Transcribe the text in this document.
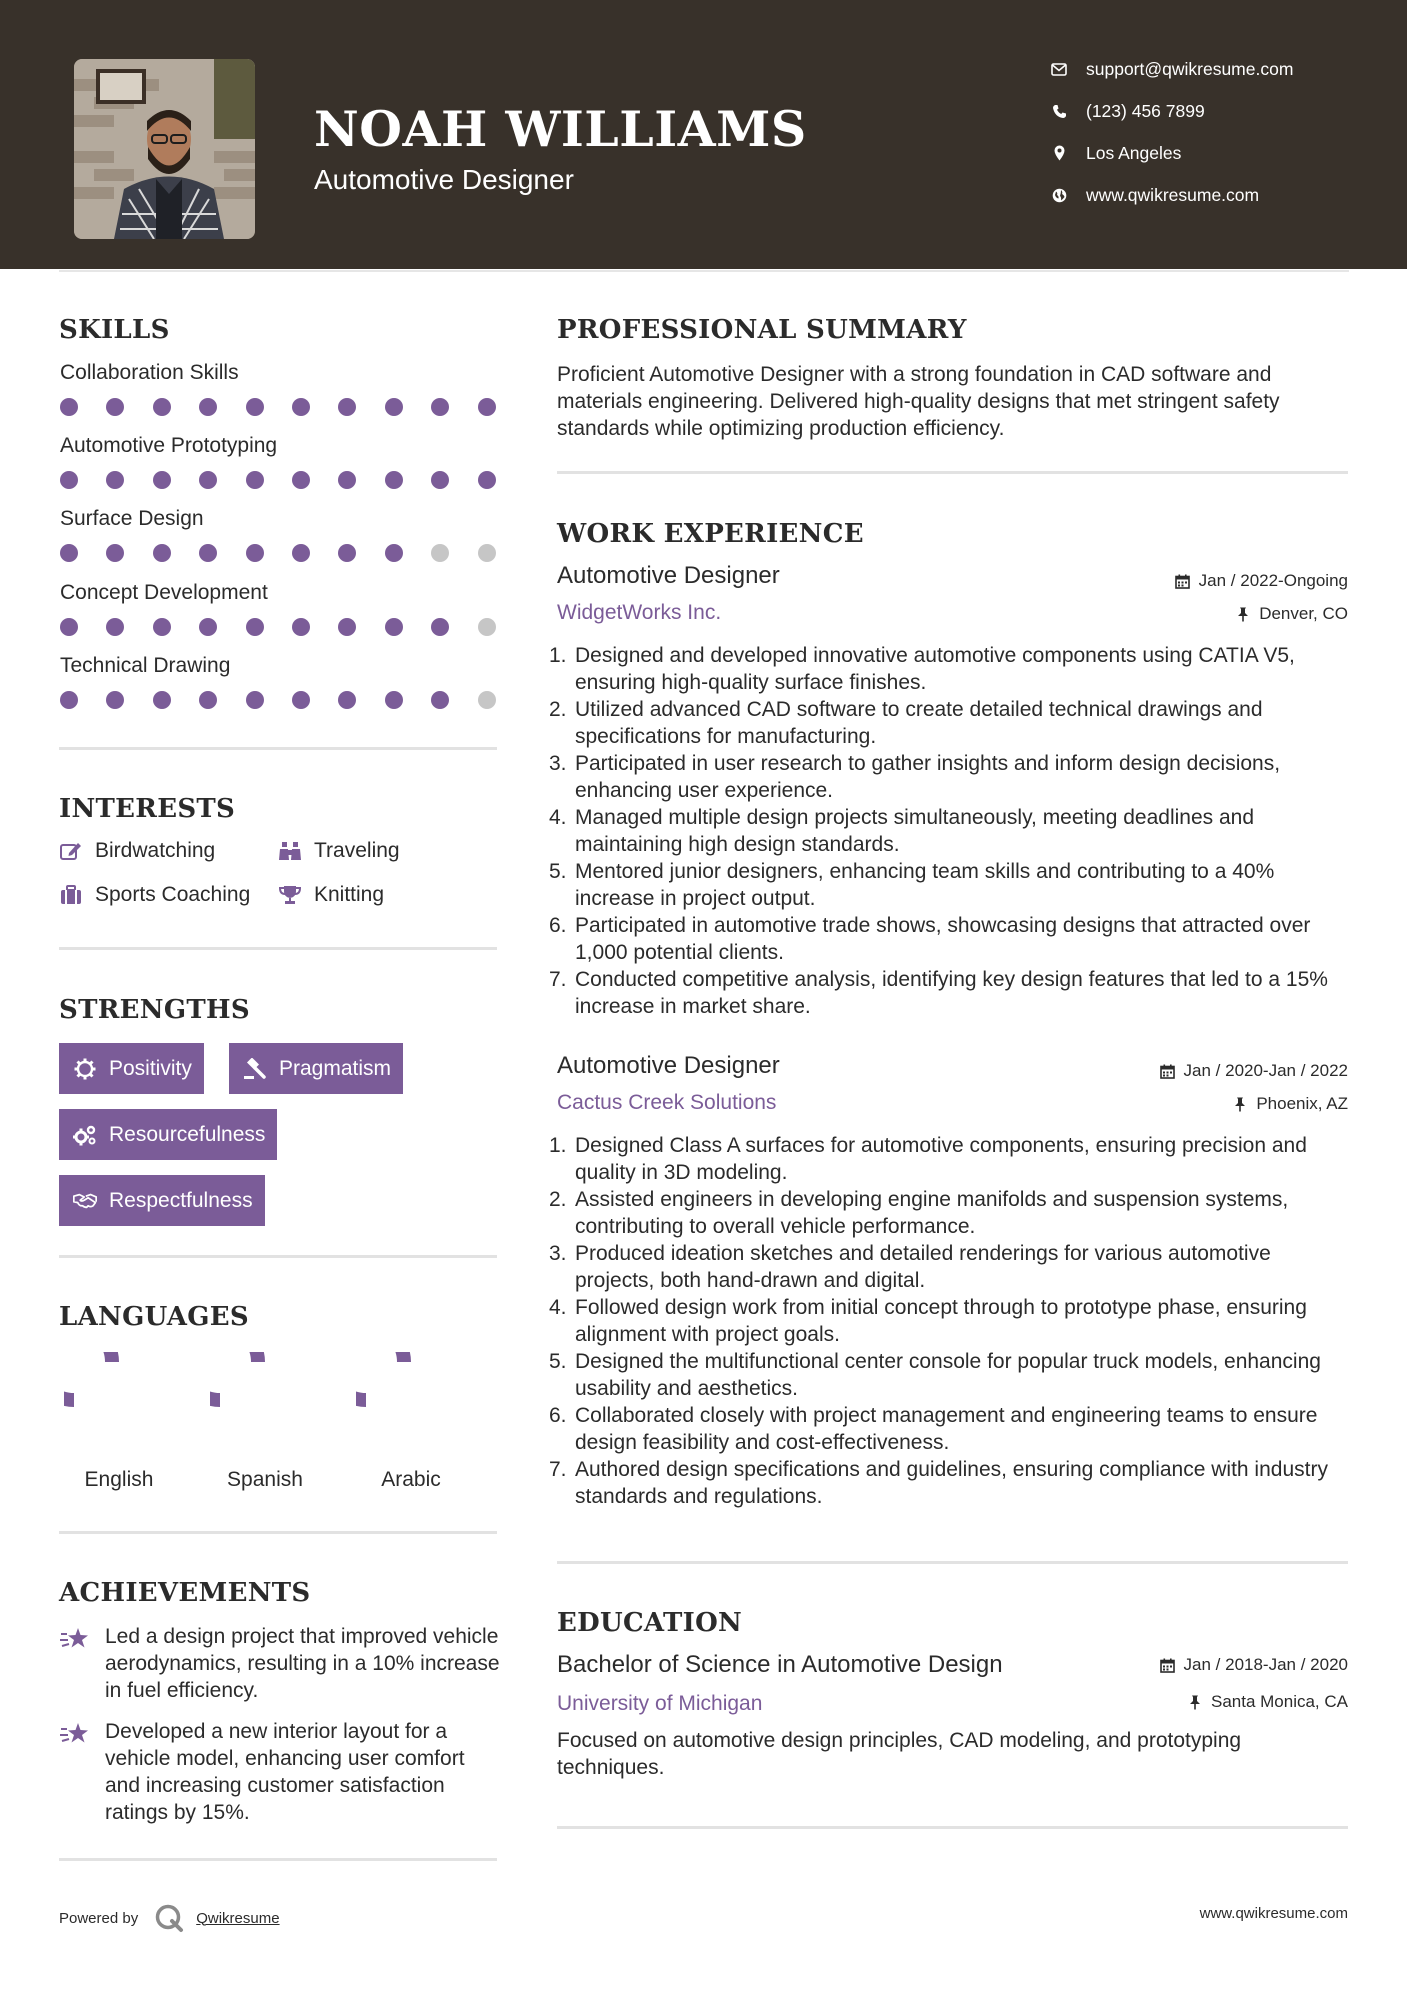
NOAH WILLIAMS
Automotive Designer
support@qwikresume.com
(123) 456 7899
Los Angeles
www.qwikresume.com
SKILLS
Collaboration Skills
Automotive Prototyping
Surface Design
Concept Development
Technical Drawing
INTERESTS
Birdwatching	Traveling
Sports Coaching	Knitting
STRENGTHS
Positivity	Pragmatism
Resourcefulness
Respectfulness
LANGUAGES
English	Spanish	Arabic
ACHIEVEMENTS
Led a design project that improved vehicle aerodynamics, resulting in a 10% increase in fuel efficiency.
Developed a new interior layout for a vehicle model, enhancing user comfort and increasing customer satisfaction ratings by 15%.
PROFESSIONAL SUMMARY
Proficient Automotive Designer with a strong foundation in CAD software and materials engineering. Delivered high-quality designs that met stringent safety standards while optimizing production efficiency.
WORK EXPERIENCE
Automotive Designer	Jan / 2022-Ongoing
WidgetWorks Inc.	Denver, CO
1. Designed and developed innovative automotive components using CATIA V5, ensuring high-quality surface finishes.
2. Utilized advanced CAD software to create detailed technical drawings and specifications for manufacturing.
3. Participated in user research to gather insights and inform design decisions, enhancing user experience.
4. Managed multiple design projects simultaneously, meeting deadlines and maintaining high design standards.
5. Mentored junior designers, enhancing team skills and contributing to a 40% increase in project output.
6. Participated in automotive trade shows, showcasing designs that attracted over 1,000 potential clients.
7. Conducted competitive analysis, identifying key design features that led to a 15% increase in market share.
Automotive Designer	Jan / 2020-Jan / 2022
Cactus Creek Solutions	Phoenix, AZ
1. Designed Class A surfaces for automotive components, ensuring precision and quality in 3D modeling.
2. Assisted engineers in developing engine manifolds and suspension systems, contributing to overall vehicle performance.
3. Produced ideation sketches and detailed renderings for various automotive projects, both hand-drawn and digital.
4. Followed design work from initial concept through to prototype phase, ensuring alignment with project goals.
5. Designed the multifunctional center console for popular truck models, enhancing usability and aesthetics.
6. Collaborated closely with project management and engineering teams to ensure design feasibility and cost-effectiveness.
7. Authored design specifications and guidelines, ensuring compliance with industry standards and regulations.
EDUCATION
Bachelor of Science in Automotive Design	Jan / 2018-Jan / 2020
University of Michigan	Santa Monica, CA
Focused on automotive design principles, CAD modeling, and prototyping techniques.
Powered by	Qwikresume	www.qwikresume.com
